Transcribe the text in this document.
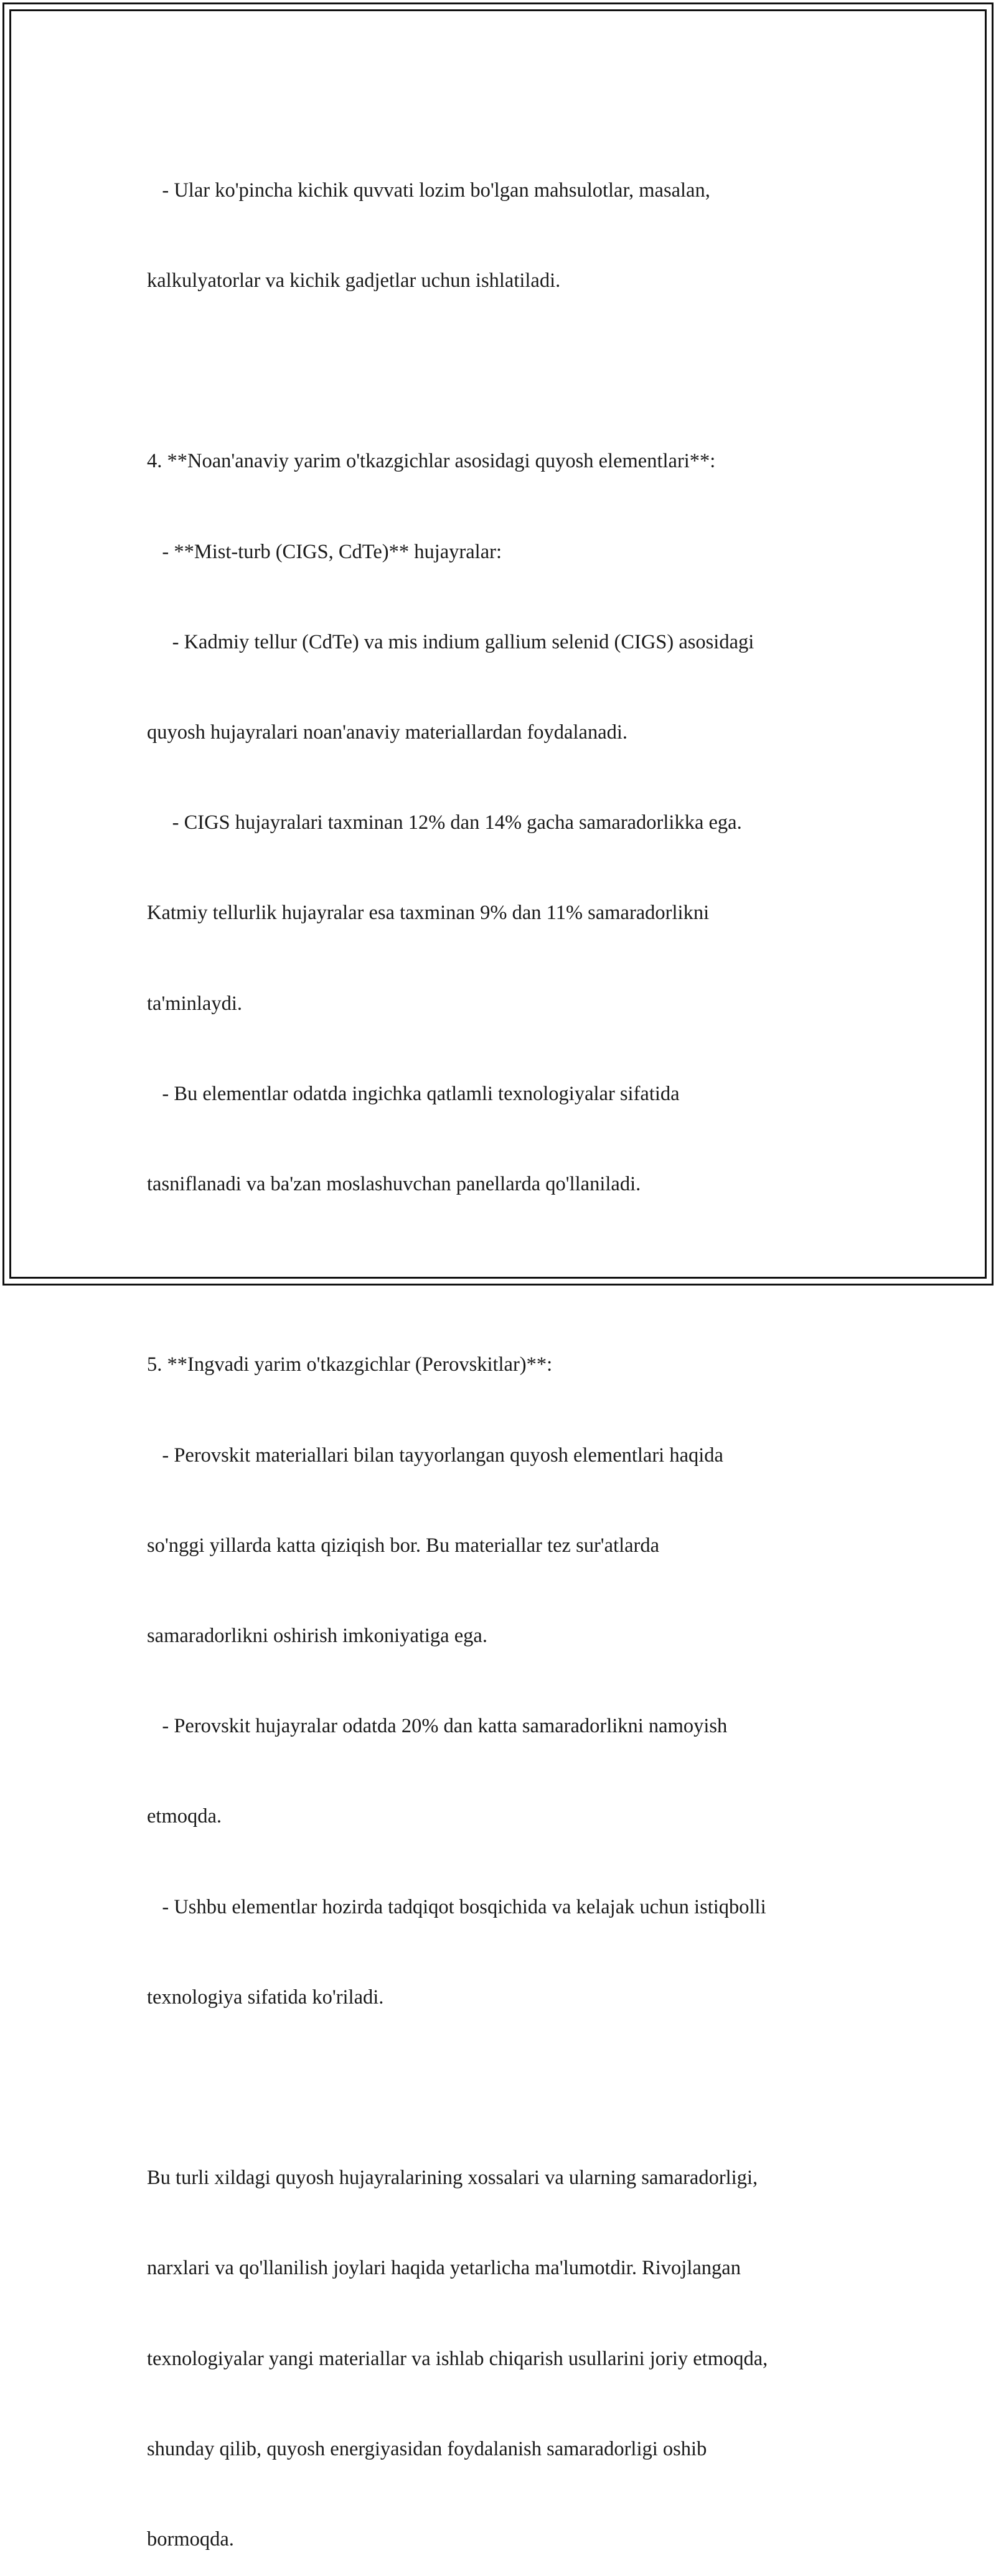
- Ular ko'pincha kichik quvvati lozim bo'lgan mahsulotlar, masalan,

kalkulyatorlar va kichik gadjetlar uchun ishlatiladi.

4. **Noan'anaviy yarim o'tkazgichlar asosidagi quyosh elementlari**:

- **Mist-turb (CIGS, CdTe)** hujayralar:

- Kadmiy tellur (CdTe) va mis indium gallium selenid (CIGS) asosidagi

quyosh hujayralari noan'anaviy materiallardan foydalanadi.

- CIGS hujayralari taxminan 12% dan 14% gacha samaradorlikka ega.

Katmiy tellurlik hujayralar esa taxminan 9% dan 11% samaradorlikni

ta'minlaydi.

- Bu elementlar odatda ingichka qatlamli texnologiyalar sifatida

tasniflanadi va ba'zan moslashuvchan panellarda qo'llaniladi.

5. **Ingvadi yarim o'tkazgichlar (Perovskitlar)**:

- Perovskit materiallari bilan tayyorlangan quyosh elementlari haqida

so'nggi yillarda katta qiziqish bor. Bu materiallar tez sur'atlarda

samaradorlikni oshirish imkoniyatiga ega.

- Perovskit hujayralar odatda 20% dan katta samaradorlikni namoyish

etmoqda.

- Ushbu elementlar hozirda tadqiqot bosqichida va kelajak uchun istiqbolli

texnologiya sifatida ko'riladi.

Bu turli xildagi quyosh hujayralarining xossalari va ularning samaradorligi,

narxlari va qo'llanilish joylari haqida yetarlicha ma'lumotdir. Rivojlangan

texnologiyalar yangi materiallar va ishlab chiqarish usullarini joriy etmoqda,

shunday qilib, quyosh energiyasidan foydalanish samaradorligi oshib

bormoqda.
